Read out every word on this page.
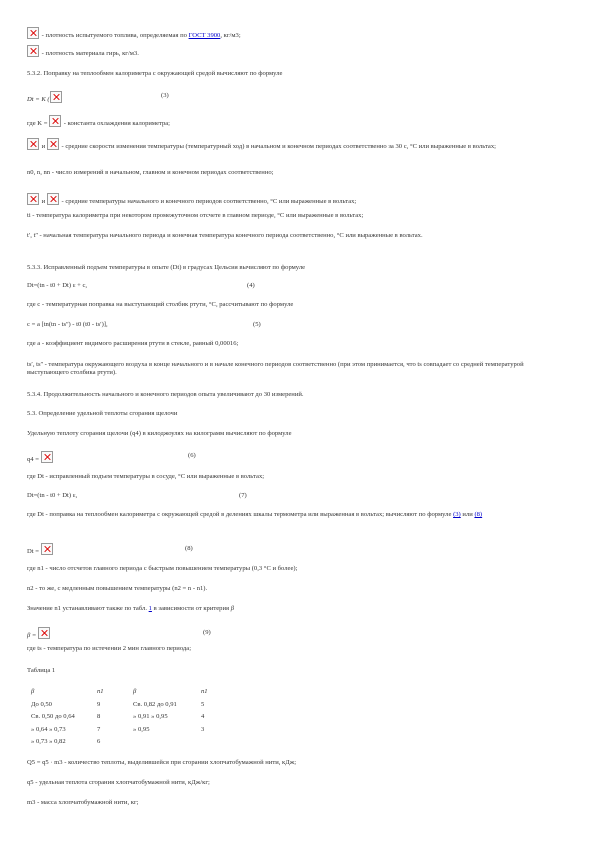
- плотность испытуемого топлива, определяемая по ГОСТ 3900, кг/м3;
- плотность материала гирь, кг/м3.
5.3.2. Поправку на теплообмен калориметра с окружающей средой вычисляют по формуле
Dt = K (
(3)
где K = - константа охлаждения калориметра;
и - средние скорости изменения температуры (температурный ход) в начальном и конечном периодах соответственно за 30 с, °C или выраженные в вольтах;
n0, n, nn - число измерений в начальном, главном и конечном периодах соответственно;
и - средние температуры начального и конечного периодов соответственно, °C или выраженные в вольтах;
ti - температура калориметра при некотором промежуточном отсчете в главном периоде, °C или выраженные в вольтах;
tʹ, tʺ - начальная температура начального периода и конечная температура конечного периода соответственно, °C или выраженные в вольтах.
5.3.3. Исправленный подъем температуры в опыте (Dt) в градусах Цельсия вычисляют по формуле
Dt=(tn - t0 + Dt) ε + c,	(4)
где c - температурная поправка на выступающий столбик ртути, °C, рассчитывают по формуле
c = a [tn(tn - tsʺ) - t0 (t0 - tsʹ)],	(5)
где a - коэффициент видимого расширения ртути в стекле, равный 0,00016;
tsʹ, tsʺ - температура окружающего воздуха в конце начального и в начале конечного периодов соответственно (при этом принимается, что ts совпадает со средней температурой выступающего столбика ртути).
5.3.4. Продолжительность начального и конечного периодов опыта увеличивают до 30 измерений.
5.3. Определение удельной теплоты сгорания щелочи
Удельную теплоту сгорания щелочи (q4) в килоджоулях на килограмм вычисляют по формуле
q4 =
(6)
где Dt - исправленный подъем температуры в сосуде, °C или выраженные в вольтах;
Dt=(tn - t0 + Dt) ε,	(7)
где Dt - поправка на теплообмен калориметра с окружающей средой в делениях шкалы термометра или выраженная в вольтах; вычисляют по формуле (3) или (8)
Dt =	(8)
где n1 - число отсчетов главного периода с быстрым повышением температуры (0,3 °C и более);
n2 - то же, с медленным повышением температуры (n2 = n - n1).
Значение n1 устанавливают также по табл. 1 в зависимости от критерия β
β =	(9)
где ts - температура по истечении 2 мин главного периода;
Таблица 1
β	n1	β	n1
До 0,50	9	Св. 0,82 до 0,91	5
Св. 0,50 до 0,64	8	» 0,91 » 0,95	4
» 0,64 » 0,73	7	» 0,95	3
» 0,73 » 0,82	6		
Q5 = q5 · m3 - количество теплоты, выделившейся при сгорании хлопчатобумажной нити, кДж;
q5 - удельная теплота сгорания хлопчатобумажной нити, кДж/кг;
m3 - масса хлопчатобумажной нити, кг;
